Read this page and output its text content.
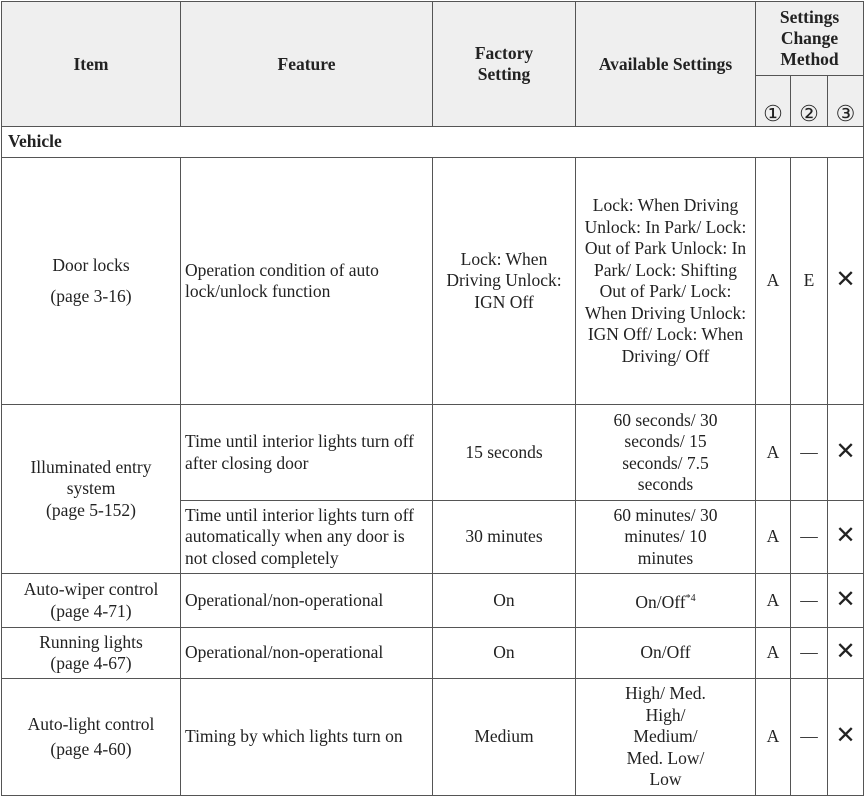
Item	Feature	Factory Setting	Available Settings	Settings Change Method		
				①	②	③
Vehicle						

Door locks
(page 3-16)	Operation condition of auto lock/unlock function	Lock: When Driving Unlock: IGN Off	Lock: When Driving Unlock: In Park/ Lock: Out of Park Unlock: In Park/ Lock: Shifting Out of Park/ Lock: When Driving Unlock: IGN Off/ Lock: When Driving/ Off	A	E	✕

Illuminated entry system
(page 5-152)	Time until interior lights turn off after closing door	15 seconds	60 seconds/ 30 seconds/ 15 seconds/ 7.5 seconds	A	—	✕
	Time until interior lights turn off automatically when any door is not closed completely	30 minutes	60 minutes/ 30 minutes/ 10 minutes	A	—	✕

Auto-wiper control
(page 4-71)	Operational/non-operational	On	On/Off$^{*4}$	A	—	✕

Running lights
(page 4-67)	Operational/non-operational	On	On/Off	A	—	✕

Auto-light control
(page 4-60)	Timing by which lights turn on	Medium	High/ Med. High/ Medium/ Med. Low/ Low	A	—	✕
